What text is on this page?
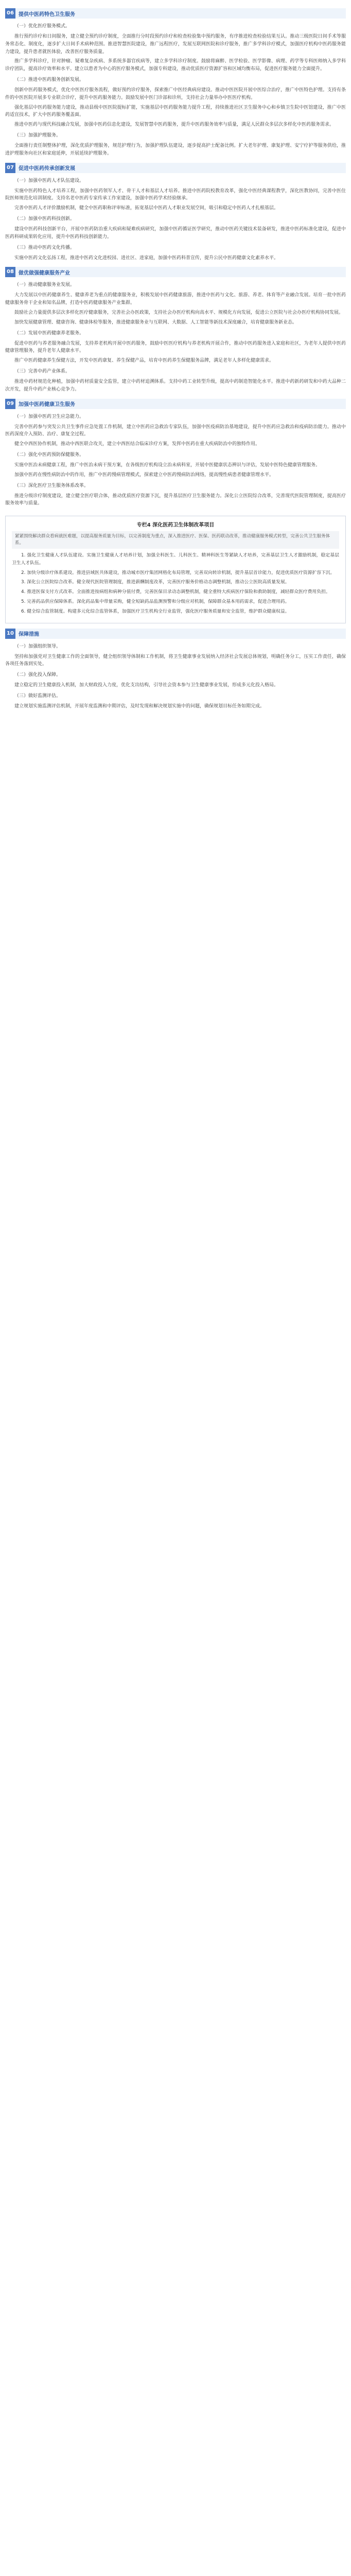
06 提供中医药特色卫生服务
（一）优化医疗服务模式。

推行预约诊疗和日间服务，建立健全预约诊疗制度，全面推行分时段预约诊疗和检查检验集中预约服务，有序推进检查检验结果互认。推动三级医院日间手术等服务常态化、制度化，逐步扩大日间手术病种范围。推进智慧医院建设，推广远程医疗，发展互联网医院和诊疗服务，推广多学科诊疗模式，加强医疗机构中医药服务能力建设，提升患者就医体验，改善医疗服务质量。

推广多学科诊疗，针对肿瘤、疑难复杂疾病、多系统多器官疾病等，建立多学科诊疗制度。鼓励将麻醉、医学检验、医学影像、病理、药学等专科医师纳入多学科诊疗团队，提高诊疗效率和水平。建立以患者为中心的医疗服务模式，加强专科建设，推动优质医疗资源扩容和区域均衡布局，促进医疗服务能力全面提升。

（二）推进中医药服务创新发展。

创新中医药服务模式，优化中医医疗服务流程，做好预约诊疗服务，探索推广中医经典病房建设。推动中医医院开展中医综合治疗，推广中医特色护理。支持有条件的中医医院开展多专业联合诊疗，提升中医药服务能力。鼓励发展中医门诊部和诊所，支持社会力量举办中医医疗机构。

强化基层中医药服务能力建设，推动县级中医医院提标扩能，实施基层中医药服务能力提升工程，持续推进社区卫生服务中心和乡镇卫生院中医馆建设，推广中医药适宜技术，扩大中医药服务覆盖面。

推进中医药与现代科技融合发展，加强中医药信息化建设，发展智慧中医药服务，提升中医药服务效率与质量，满足人民群众多层次多样化中医药服务需求。

（三）加强护理服务。

全面推行责任制整体护理，深化优质护理服务，规范护理行为，加强护理队伍建设，逐步提高护士配备比例。扩大老年护理、康复护理、安宁疗护等服务供给，推进护理服务向社区和家庭延伸，开展延续护理服务。

07 促进中医药传承创新发展
（一）加强中医药人才队伍建设。

实施中医药特色人才培养工程，加强中医药领军人才、骨干人才和基层人才培养。推进中医药院校教育改革，强化中医经典课程教学，深化医教协同，完善中医住院医师规范化培训制度。支持名老中医药专家传承工作室建设，加强中医药学术经验继承。

完善中医药人才评价激励机制，健全中医药职称评审标准，拓宽基层中医药人才职业发展空间，吸引和稳定中医药人才扎根基层。

（二）加强中医药科技创新。

建设中医药科技创新平台，开展中医药防治重大疾病和疑难疾病研究，加强中医药循证医学研究，推动中医药关键技术装备研发，推进中医药标准化建设，促进中医药科研成果转化应用，提升中医药科技创新能力。

（三）推动中医药文化传播。

实施中医药文化弘扬工程，推进中医药文化进校园、进社区、进家庭，加强中医药科普宣传，提升公民中医药健康文化素养水平。

08 做优做强健康服务产业
（一）推动健康服务业发展。

大力发展以中医药健康养生、健康养老为重点的健康服务业，积极发展中医药健康旅游，推进中医药与文化、旅游、养老、体育等产业融合发展。培育一批中医药健康服务骨干企业和知名品牌，打造中医药健康服务产业集群。

鼓励社会力量提供多层次多样化医疗健康服务，完善社会办医政策，支持社会办医疗机构向高水平、规模化方向发展，促进公立医院与社会办医疗机构协同发展。

加快发展健康管理、健康咨询、健康体检等服务，推进健康服务业与互联网、大数据、人工智能等新技术深度融合，培育健康服务新业态。

（二）发展中医药健康养老服务。

促进中医药与养老服务融合发展，支持养老机构开展中医药服务，鼓励中医医疗机构与养老机构开展合作，推动中医药服务进入家庭和社区，为老年人提供中医药健康管理服务，提升老年人健康水平。

推广中医药健康养生保健方法，开发中医药康复、养生保健产品，培育中医药养生保健服务品牌，满足老年人多样化健康需求。

（三）完善中药产业体系。

推进中药材规范化种植，加强中药材质量安全监管，建立中药材追溯体系。支持中药工业转型升级，提高中药制造智能化水平。推进中药新药研发和中药大品种二次开发，提升中药产业核心竞争力。

09 加强中医药健康卫生服务
（一）加强中医药卫生应急能力。

完善中医药参与突发公共卫生事件应急处置工作机制，建立中医药应急救治专家队伍，加强中医疫病防治基地建设，提升中医药应急救治和疫病防治能力。推动中医药深度介入预防、治疗、康复全过程。

健全中西医协作机制，推动中西医联合攻关，建立中西医结合临床诊疗方案，发挥中医药在重大疾病防治中的独特作用。

（二）强化中医药预防保健服务。

实施中医治未病健康工程，推广中医治未病干预方案，在各级医疗机构设立治未病科室，开展中医健康状态辨识与评估，发展中医特色健康管理服务。

加强中医药在慢性病防治中的作用，推广中医药慢病管理模式，探索建立中医药慢病防治网络，提高慢性病患者健康管理水平。

（三）深化医疗卫生服务体系改革。

推进分级诊疗制度建设，建立健全医疗联合体，推动优质医疗资源下沉，提升基层医疗卫生服务能力。深化公立医院综合改革，完善现代医院管理制度，提高医疗服务效率与质量。

专栏4 深化医药卫生体制改革项目
紧紧围绕解决群众看病就医难题，以提高服务质量为目标，以完善制度为重点，深入推进医疗、医保、医药联动改革，推动健康服务模式转型，完善公共卫生服务体系。

1. 强化卫生健康人才队伍建设。实施卫生健康人才培养计划，加强全科医生、儿科医生、精神科医生等紧缺人才培养，完善基层卫生人才激励机制，稳定基层卫生人才队伍。

2. 加快分级诊疗体系建设。推进县域医共体建设，推动城市医疗集团网格化布局管理，完善双向转诊机制，提升基层首诊能力，促进优质医疗资源扩容下沉。

3. 深化公立医院综合改革。健全现代医院管理制度，推进薪酬制度改革，完善医疗服务价格动态调整机制，推动公立医院高质量发展。

4. 推进医保支付方式改革。全面推进按病组和病种分值付费，完善医保目录动态调整机制，健全重特大疾病医疗保险和救助制度，减轻群众医疗费用负担。

5. 完善药品供应保障体系。深化药品集中带量采购，健全短缺药品监测预警和分级应对机制，保障群众基本用药需求，促进合理用药。

6. 健全综合监管制度。构建多元化综合监管体系，加强医疗卫生机构全行业监管，强化医疗服务质量和安全监管，维护群众健康权益。

10 保障措施
（一）加强组织领导。

坚持和加强党对卫生健康工作的全面领导，健全组织领导体制和工作机制，将卫生健康事业发展纳入经济社会发展总体规划，明确任务分工，压实工作责任，确保各项任务落到实处。

（二）强化投入保障。

建立稳定的卫生健康投入机制，加大财政投入力度，优化支出结构，引导社会资本参与卫生健康事业发展，形成多元化投入格局。

（三）做好监测评估。

建立规划实施监测评估机制，开展年度监测和中期评估，及时发现和解决规划实施中的问题，确保规划目标任务如期完成。
